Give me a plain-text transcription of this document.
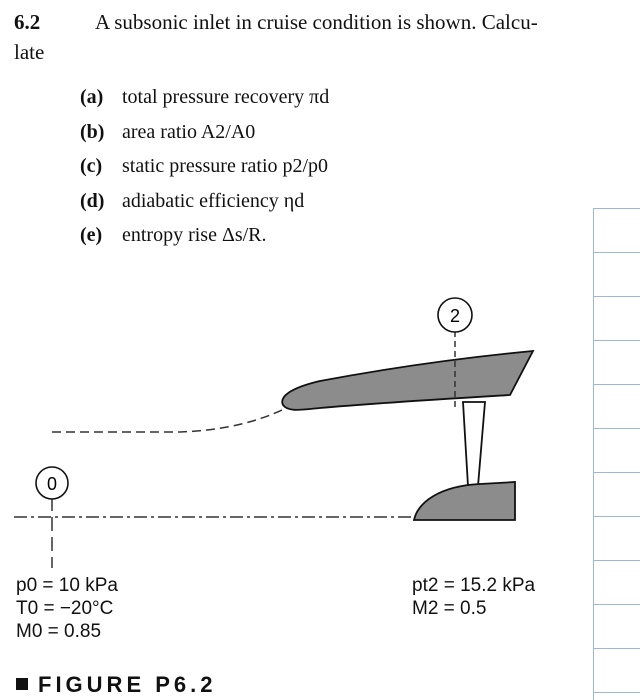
6.2	A subsonic inlet in cruise condition is shown. Calcu-
late
(a) total pressure recovery πd
(b) area ratio A2/A0
(c) static pressure ratio p2/p0
(d) adiabatic efficiency ηd
(e) entropy rise Δs/R.
0
2
p0 = 10 kPa
T0 = −20°C
M0 = 0.85
pt2 = 15.2 kPa
M2 = 0.5
FIGURE P6.2
